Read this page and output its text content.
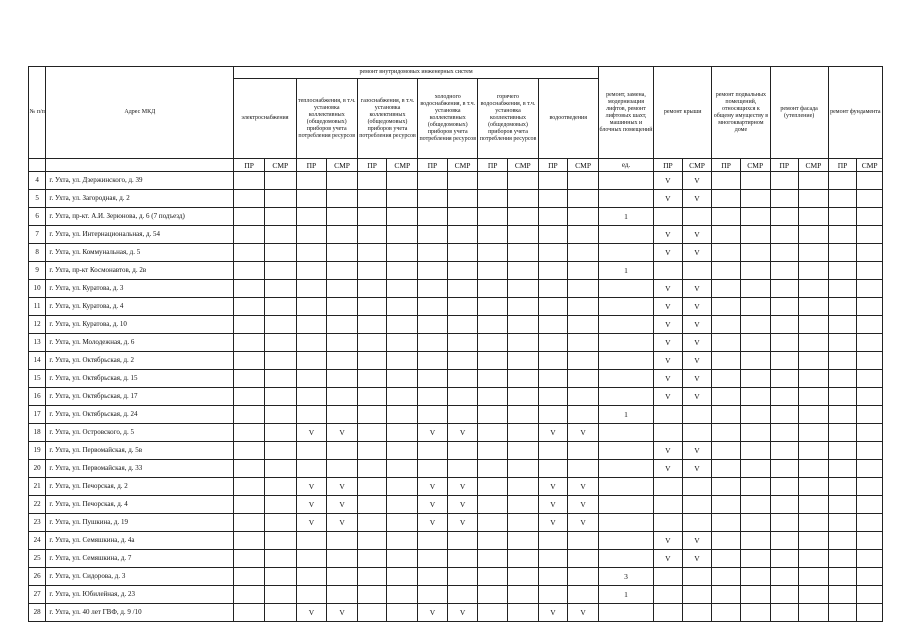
№ п/п	Адрес МКД	ремонт внутридомовых инженерных систем												ремонт, замена, модернизация лифтов, ремонт лифтовых шахт, машинных и блочных помещений	ремонт крыши		ремонт подвальных помещений, относящихся к общему имуществу в многоквартирном доме		ремонт фасада (утепление)		ремонт фундамента	
		электроснабжения		теплоснабжения, в т.ч. установка коллективных (общедомовых) приборов учета потребления ресурсов		газоснабжения, в т.ч. установка коллективных (общедомовых) приборов учета потребления ресурсов		холодного водоснабжения, в т.ч. установка коллективных (общедомовых) приборов учета потребления ресурсов		горячего водоснабжения, в т.ч. установка коллективных (общедомовых) приборов учета потребления ресурсов		водоотведения										
		ПР	СМР	ПР	СМР	ПР	СМР	ПР	СМР	ПР	СМР	ПР	СМР	ед.	ПР	СМР	ПР	СМР	ПР	СМР	ПР	СМР
4	г. Ухта, ул. Дзержинского, д. 39														V	V						
5	г. Ухта, ул. Загородная, д. 2														V	V						
6	г. Ухта, пр-кт. А.И. Зерюнова, д. 6 (7 подъезд)													1								
7	г. Ухта, ул. Интернациональная, д. 54														V	V						
8	г. Ухта, ул. Коммунальная, д. 5														V	V						
9	г. Ухта, пр-кт Космонавтов, д. 2в													1								
10	г. Ухта, ул. Куратова, д. 3														V	V						
11	г. Ухта, ул. Куратова, д. 4														V	V						
12	г. Ухта, ул. Куратова, д. 10														V	V						
13	г. Ухта, ул. Молодежная, д. 6														V	V						
14	г. Ухта, ул. Октябрьская, д. 2														V	V						
15	г. Ухта, ул. Октябрьская, д. 15														V	V						
16	г. Ухта, ул. Октябрьская, д. 17														V	V						
17	г. Ухта, ул. Октябрьская, д. 24													1								
18	г. Ухта, ул. Островского, д. 5			V	V			V	V			V	V									
19	г. Ухта, ул. Первомайская, д. 5в														V	V						
20	г. Ухта, ул. Первомайская, д. 33														V	V						
21	г. Ухта, ул. Печорская, д. 2			V	V			V	V			V	V									
22	г. Ухта, ул. Печорская, д. 4			V	V			V	V			V	V									
23	г. Ухта, ул. Пушкина, д. 19			V	V			V	V			V	V									
24	г. Ухта, ул. Семяшкина, д. 4а														V	V						
25	г. Ухта, ул. Семяшкина, д. 7														V	V						
26	г. Ухта, ул. Сидорова, д. 3													3								
27	г. Ухта, ул. Юбилейная, д. 23													1								
28	г. Ухта, ул. 40 лет ГВФ, д. 9 /10			V	V			V	V			V	V									
